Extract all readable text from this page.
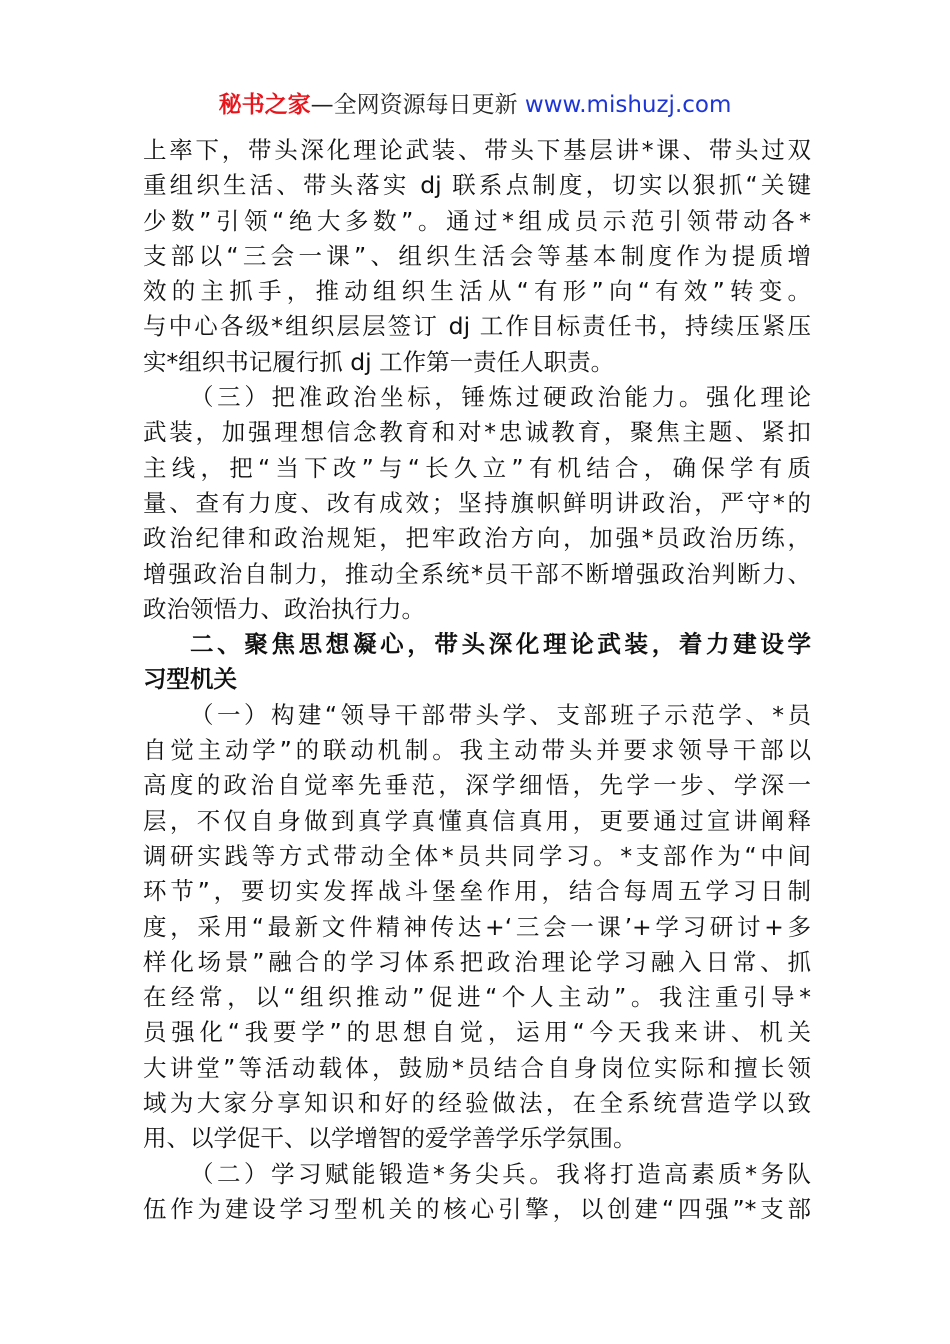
秘书之家—全网资源每日更新 www.mishuzj.com
上率下，带头深化理论武装、带头下基层讲*课、带头过双
重组织生活、带头落实 dj 联系点制度，切实以狠抓“关键
少数”引领“绝大多数”。通过*组成员示范引领带动各*
支部以“三会一课”、组织生活会等基本制度作为提质增
效的主抓手，推动组织生活从“有形”向“有效”转变。
与中心各级*组织层层签订 dj 工作目标责任书，持续压紧压
实*组织书记履行抓 dj 工作第一责任人职责。
（三）把准政治坐标，锤炼过硬政治能力。强化理论
武装，加强理想信念教育和对*忠诚教育，聚焦主题、紧扣
主线，把“当下改”与“长久立”有机结合，确保学有质
量、查有力度、改有成效；坚持旗帜鲜明讲政治，严守*的
政治纪律和政治规矩，把牢政治方向，加强*员政治历练，
增强政治自制力，推动全系统*员干部不断增强政治判断力、
政治领悟力、政治执行力。
二、聚焦思想凝心，带头深化理论武装，着力建设学
习型机关
（一）构建“领导干部带头学、支部班子示范学、*员
自觉主动学”的联动机制。我主动带头并要求领导干部以
高度的政治自觉率先垂范，深学细悟，先学一步、学深一
层，不仅自身做到真学真懂真信真用，更要通过宣讲阐释
调研实践等方式带动全体*员共同学习。*支部作为“中间
环节”，要切实发挥战斗堡垒作用，结合每周五学习日制
度，采用“最新文件精神传达+‘三会一课’+学习研讨+多
样化场景”融合的学习体系把政治理论学习融入日常、抓
在经常，以“组织推动”促进“个人主动”。我注重引导*
员强化“我要学”的思想自觉，运用“今天我来讲、机关
大讲堂”等活动载体，鼓励*员结合自身岗位实际和擅长领
域为大家分享知识和好的经验做法，在全系统营造学以致
用、以学促干、以学增智的爱学善学乐学氛围。
（二）学习赋能锻造*务尖兵。我将打造高素质*务队
伍作为建设学习型机关的核心引擎，以创建“四强”*支部
